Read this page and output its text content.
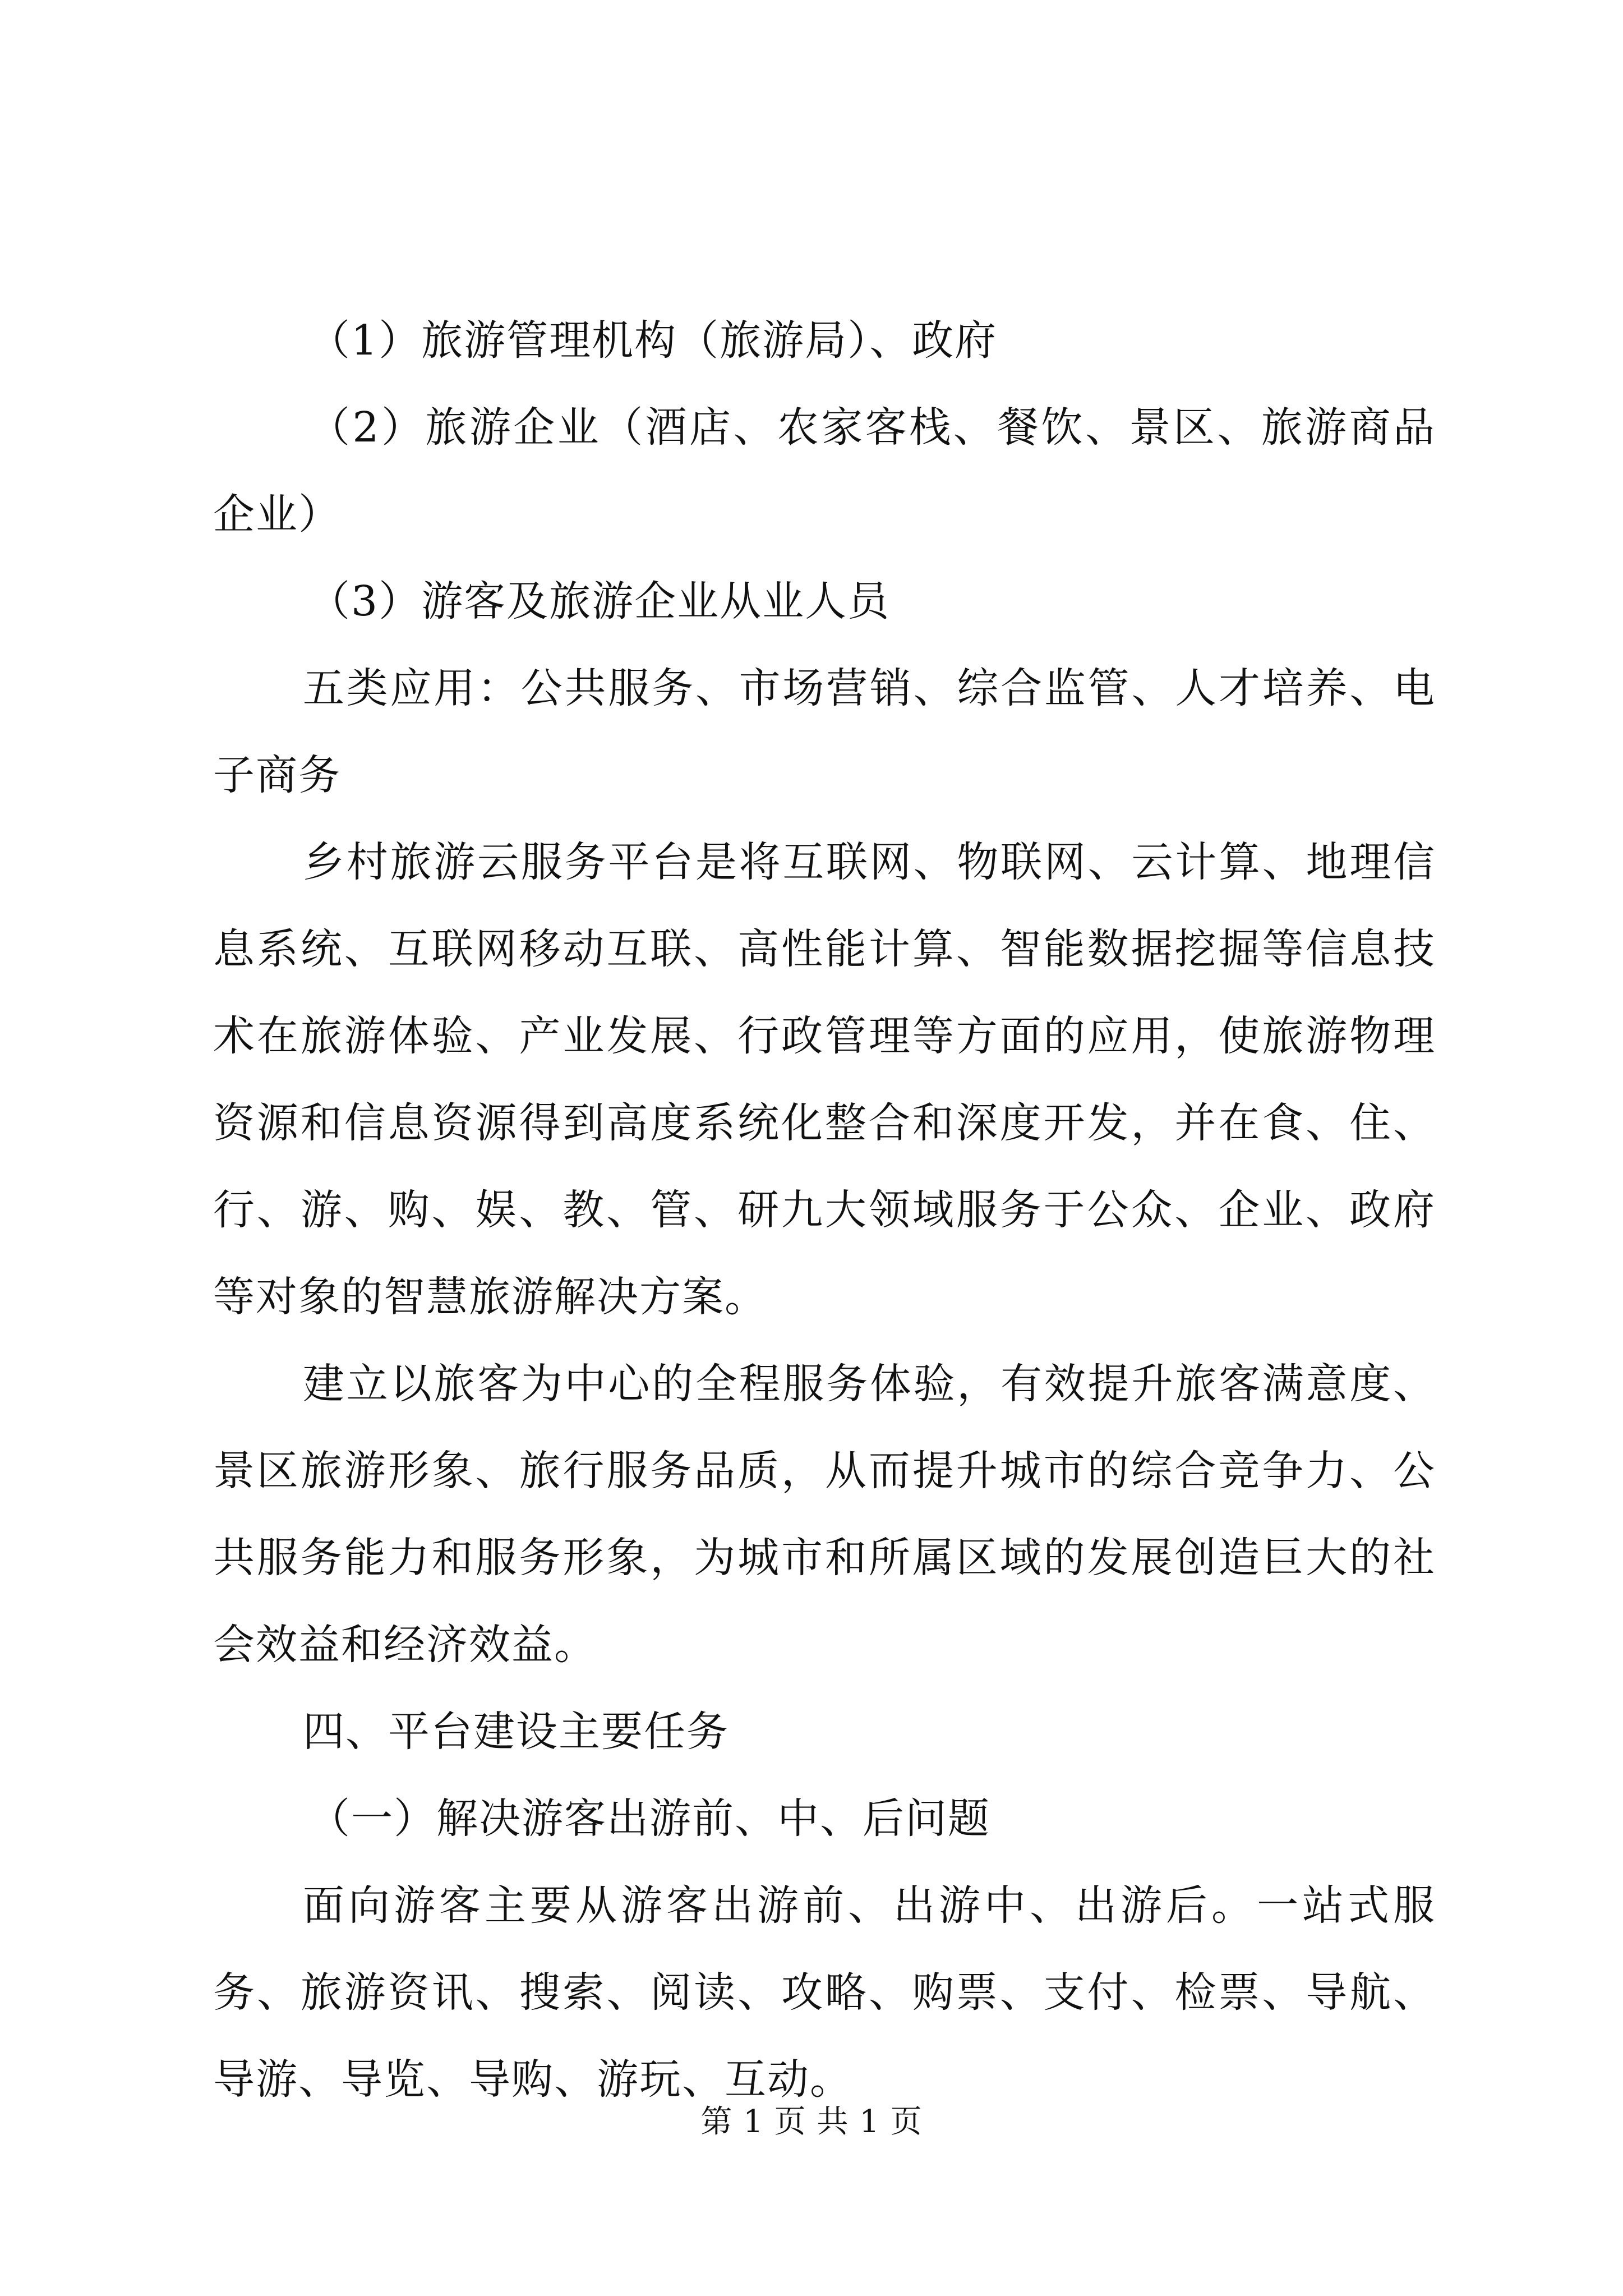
（1）旅游管理机构（旅游局）、政府

（2）旅游企业（酒店、农家客栈、餐饮、景区、旅游商品企业）

（3）游客及旅游企业从业人员

五类应用：公共服务、市场营销、综合监管、人才培养、电子商务

乡村旅游云服务平台是将互联网、物联网、云计算、地理信息系统、互联网移动互联、高性能计算、智能数据挖掘等信息技术在旅游体验、产业发展、行政管理等方面的应用，使旅游物理资源和信息资源得到高度系统化整合和深度开发，并在食、住、行、游、购、娱、教、管、研九大领域服务于公众、企业、政府等对象的智慧旅游解决方案。

建立以旅客为中心的全程服务体验，有效提升旅客满意度、景区旅游形象、旅行服务品质，从而提升城市的综合竞争力、公共服务能力和服务形象，为城市和所属区域的发展创造巨大的社会效益和经济效益。

四、平台建设主要任务

（一）解决游客出游前、中、后问题

面向游客主要从游客出游前、出游中、出游后。一站式服务、旅游资讯、搜索、阅读、攻略、购票、支付、检票、导航、导游、导览、导购、游玩、互动。

第 1 页 共 1 页
